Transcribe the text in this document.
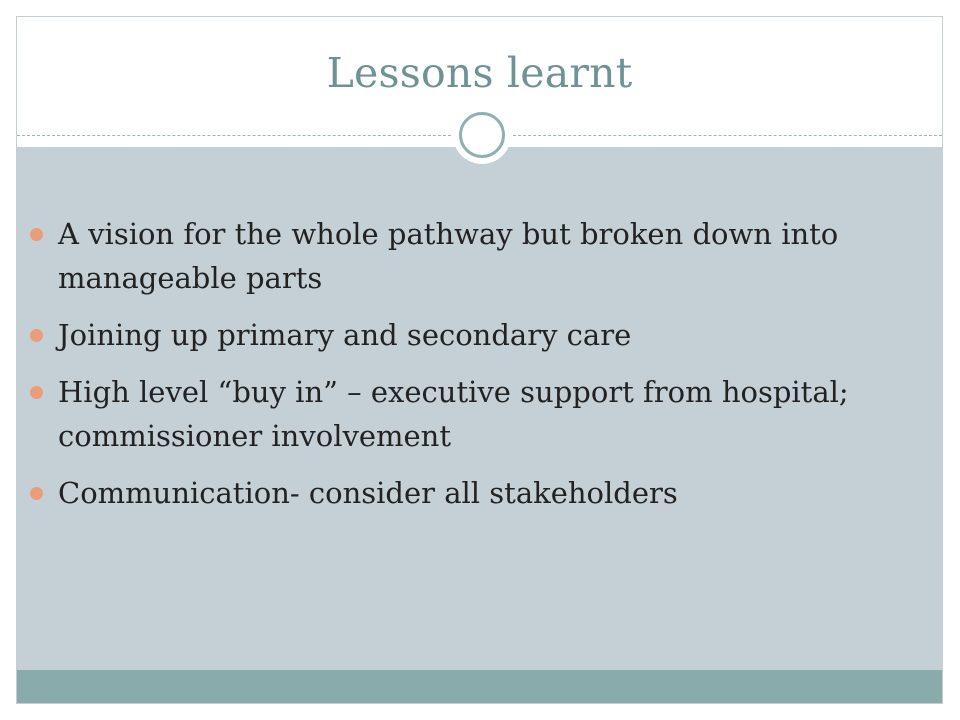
Lessons learnt
A vision for the whole pathway but broken down into manageable parts
Joining up primary and secondary care
High level “buy in” – executive support from hospital; commissioner involvement
Communication- consider all stakeholders
